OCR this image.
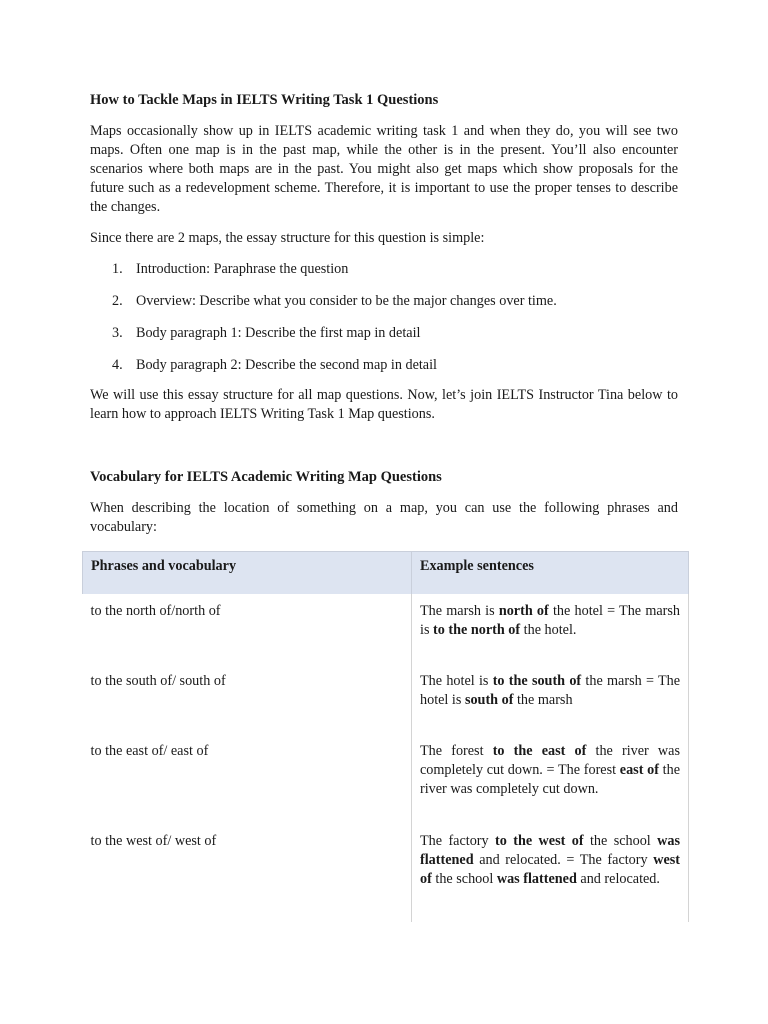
How to Tackle Maps in IELTS Writing Task 1 Questions

Maps occasionally show up in IELTS academic writing task 1 and when they do, you will see two maps. Often one map is in the past map, while the other is in the present. You’ll also encounter scenarios where both maps are in the past. You might also get maps which show proposals for the future such as a redevelopment scheme. Therefore, it is important to use the proper tenses to describe the changes.

Since there are 2 maps, the essay structure for this question is simple:

1. Introduction: Paraphrase the question
2. Overview: Describe what you consider to be the major changes over time.
3. Body paragraph 1: Describe the first map in detail
4. Body paragraph 2: Describe the second map in detail

We will use this essay structure for all map questions. Now, let’s join IELTS Instructor Tina below to learn how to approach IELTS Writing Task 1 Map questions.

Vocabulary for IELTS Academic Writing Map Questions

When describing the location of something on a map, you can use the following phrases and vocabulary:

Phrases and vocabulary	Example sentences
to the north of/north of	The marsh is north of the hotel = The marsh is to the north of the hotel.
to the south of/ south of	The hotel is to the south of the marsh = The hotel is south of the marsh
to the east of/ east of	The forest to the east of the river was completely cut down. = The forest east of the river was completely cut down.
to the west of/ west of	The factory to the west of the school was flattened and relocated. = The factory west of the school was flattened and relocated.
